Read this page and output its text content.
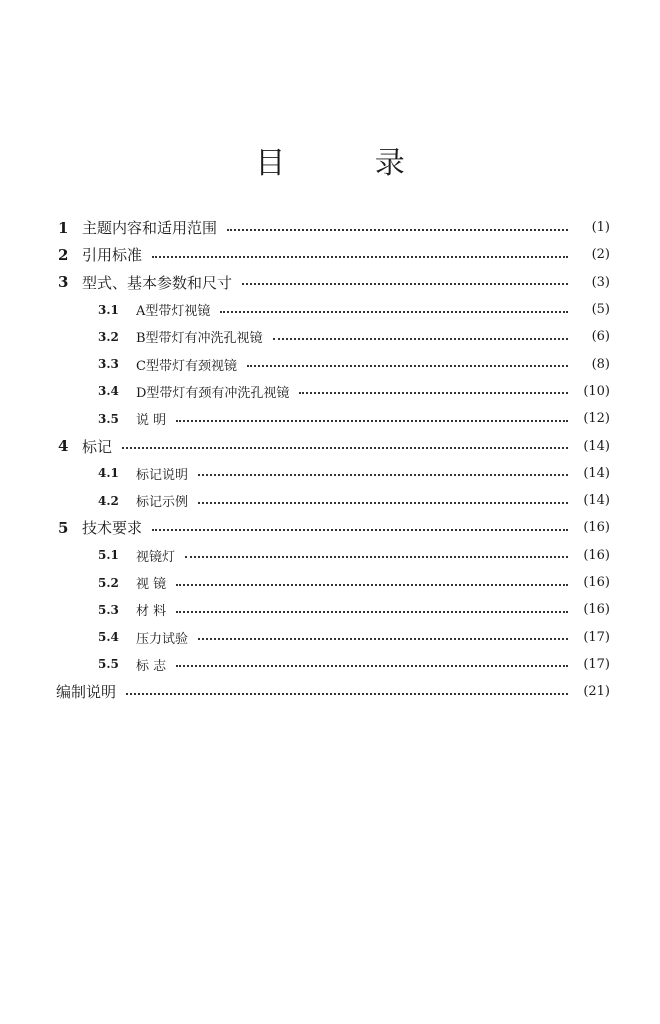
目 录
1 主题内容和适用范围	(1)
2 引用标准	(2)
3 型式、基本参数和尺寸	(3)
3.1	A型带灯视镜	(5)
3.2	B型带灯有冲洗孔视镜	(6)
3.3	C型带灯有颈视镜	(8)
3.4	D型带灯有颈有冲洗孔视镜	(10)
3.5	说 明	(12)
4 标记	(14)
4.1	标记说明	(14)
4.2	标记示例	(14)
5 技术要求	(16)
5.1	视镜灯	(16)
5.2	视 镜	(16)
5.3	材 料	(16)
5.4	压力试验	(17)
5.5	标 志	(17)
编制说明	(21)
